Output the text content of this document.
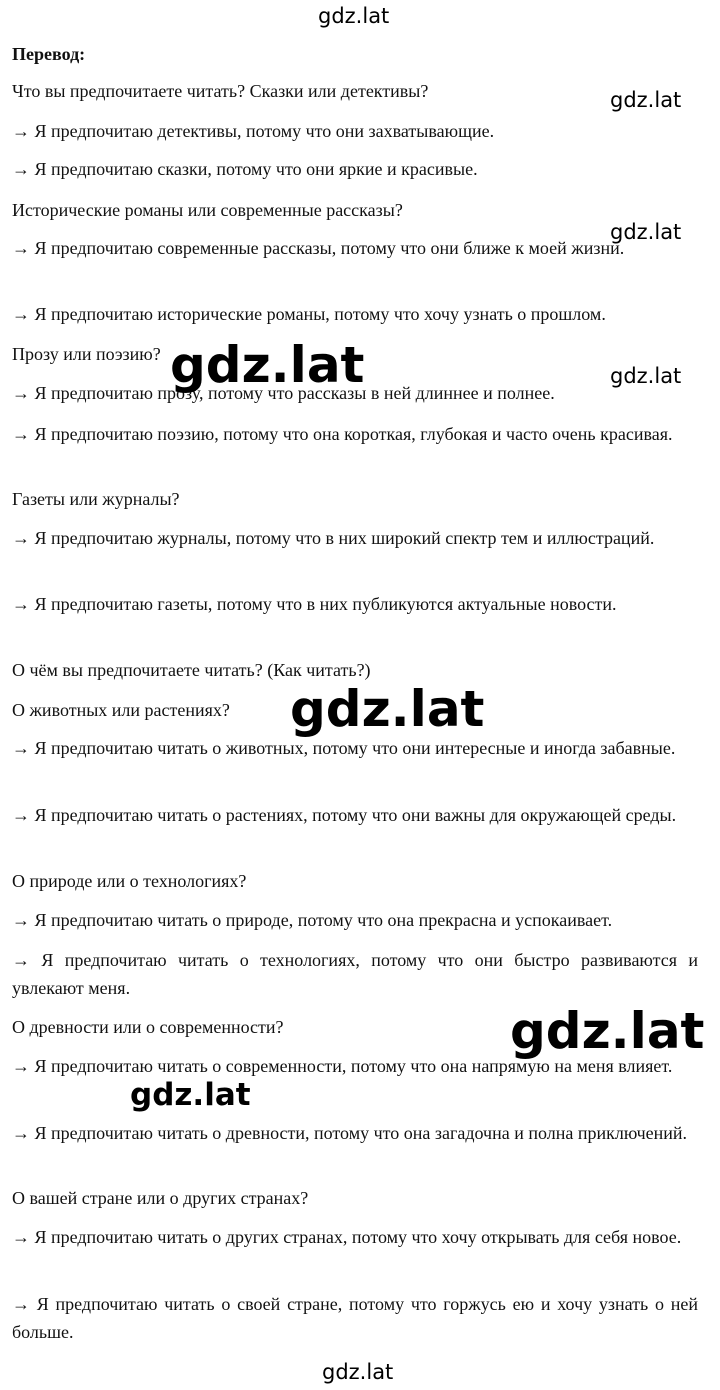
Перевод:

Что вы предпочитаете читать? Сказки или детективы?

→ Я предпочитаю детективы, потому что они захватывающие.

→ Я предпочитаю сказки, потому что они яркие и красивые.

Исторические романы или современные рассказы?

→ Я предпочитаю современные рассказы, потому что они ближе к моей жизни.

→ Я предпочитаю исторические романы, потому что хочу узнать о прошлом.

Прозу или поэзию?

→ Я предпочитаю прозу, потому что рассказы в ней длиннее и полнее.

→ Я предпочитаю поэзию, потому что она короткая, глубокая и часто очень красивая.

Газеты или журналы?

→ Я предпочитаю журналы, потому что в них широкий спектр тем и иллюстраций.

→ Я предпочитаю газеты, потому что в них публикуются актуальные новости.

О чём вы предпочитаете читать? (Как читать?)

О животных или растениях?

→ Я предпочитаю читать о животных, потому что они интересные и иногда забавные.

→ Я предпочитаю читать о растениях, потому что они важны для окружающей среды.

О природе или о технологиях?

→ Я предпочитаю читать о природе, потому что она прекрасна и успокаивает.

→ Я предпочитаю читать о технологиях, потому что они быстро развиваются и увлекают меня.

О древности или о современности?

→ Я предпочитаю читать о современности, потому что она напрямую на меня влияет.

→ Я предпочитаю читать о древности, потому что она загадочна и полна приключений.

О вашей стране или о других странах?

→ Я предпочитаю читать о других странах, потому что хочу открывать для себя новое.

→ Я предпочитаю читать о своей стране, потому что горжусь ею и хочу узнать о ней больше.

gdz.lat
gdz.lat
gdz.lat
gdz.lat
gdz.lat
gdz.lat
gdz.lat
gdz.lat
gdz.lat
